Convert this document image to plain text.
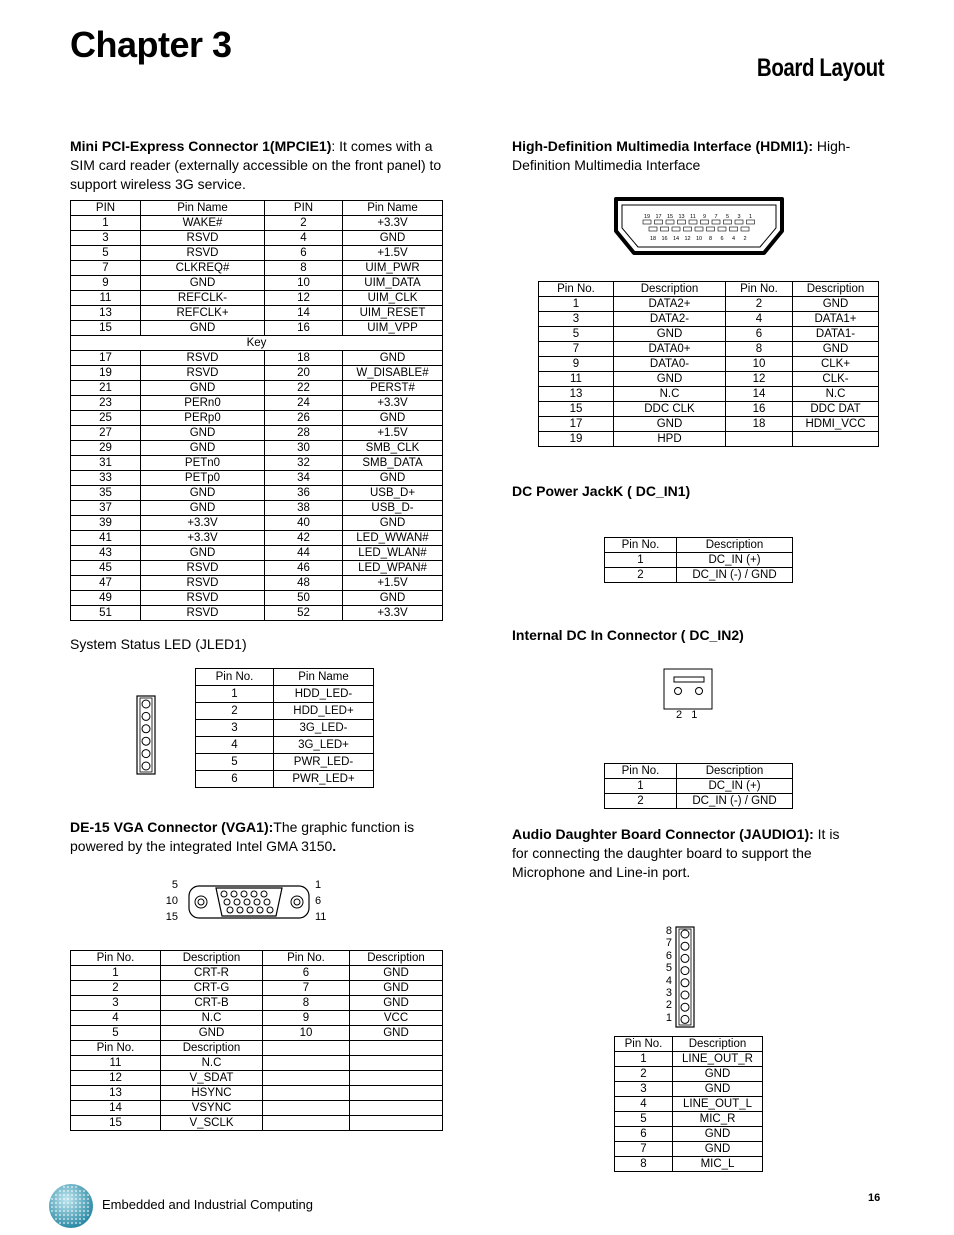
Chapter 3
Board Layout
Mini PCI-Express Connector 1(MPCIE1): It comes with a SIM card reader (externally accessible on the front panel) to support wireless 3G service.
PIN	Pin Name	PIN	Pin Name
1	WAKE#	2	+3.3V
3	RSVD	4	GND
5	RSVD	6	+1.5V
7	CLKREQ#	8	UIM_PWR
9	GND	10	UIM_DATA
11	REFCLK-	12	UIM_CLK
13	REFCLK+	14	UIM_RESET
15	GND	16	UIM_VPP
Key			
17	RSVD	18	GND
19	RSVD	20	W_DISABLE#
21	GND	22	PERST#
23	PERn0	24	+3.3V
25	PERp0	26	GND
27	GND	28	+1.5V
29	GND	30	SMB_CLK
31	PETn0	32	SMB_DATA
33	PETp0	34	GND
35	GND	36	USB_D+
37	GND	38	USB_D-
39	+3.3V	40	GND
41	+3.3V	42	LED_WWAN#
43	GND	44	LED_WLAN#
45	RSVD	46	LED_WPAN#
47	RSVD	48	+1.5V
49	RSVD	50	GND
51	RSVD	52	+3.3V
System Status LED (JLED1)
Pin No.	Pin Name
1	HDD_LED-
2	HDD_LED+
3	3G_LED-
4	3G_LED+
5	PWR_LED-
6	PWR_LED+
DE-15 VGA Connector (VGA1):The graphic function is powered by the integrated Intel GMA 3150.
5
10
15
1
6
11
Pin No.	Description	Pin No.	Description
1	CRT-R	6	GND
2	CRT-G	7	GND
3	CRT-B	8	GND
4	N.C	9	VCC
5	GND	10	GND
Pin No.	Description		
11	N.C		
12	V_SDAT		
13	HSYNC		
14	VSYNC		
15	V_SCLK		
High-Definition Multimedia Interface (HDMI1): High-Definition Multimedia Interface
19 17 15 13 11 9 7 5 3 1
18 16 14 12 10 8 6 4 2
Pin No.	Description	Pin No.	Description
1	DATA2+	2	GND
3	DATA2-	4	DATA1+
5	GND	6	DATA1-
7	DATA0+	8	GND
9	DATA0-	10	CLK+
11	GND	12	CLK-
13	N.C	14	N.C
15	DDC CLK	16	DDC DAT
17	GND	18	HDMI_VCC
19	HPD		
DC Power JackK ( DC_IN1)
Pin No.	Description
1	DC_IN (+)
2	DC_IN (-) / GND
Internal DC In Connector ( DC_IN2)
2   1
Pin No.	Description
1	DC_IN (+)
2	DC_IN (-) / GND
Audio Daughter Board Connector (JAUDIO1): It is for connecting the daughter board to support the Microphone and Line-in port.
8
7
6
5
4
3
2
1
Pin No.	Description
1	LINE_OUT_R
2	GND
3	GND
4	LINE_OUT_L
5	MIC_R
6	GND
7	GND
8	MIC_L
Embedded and Industrial Computing	16
